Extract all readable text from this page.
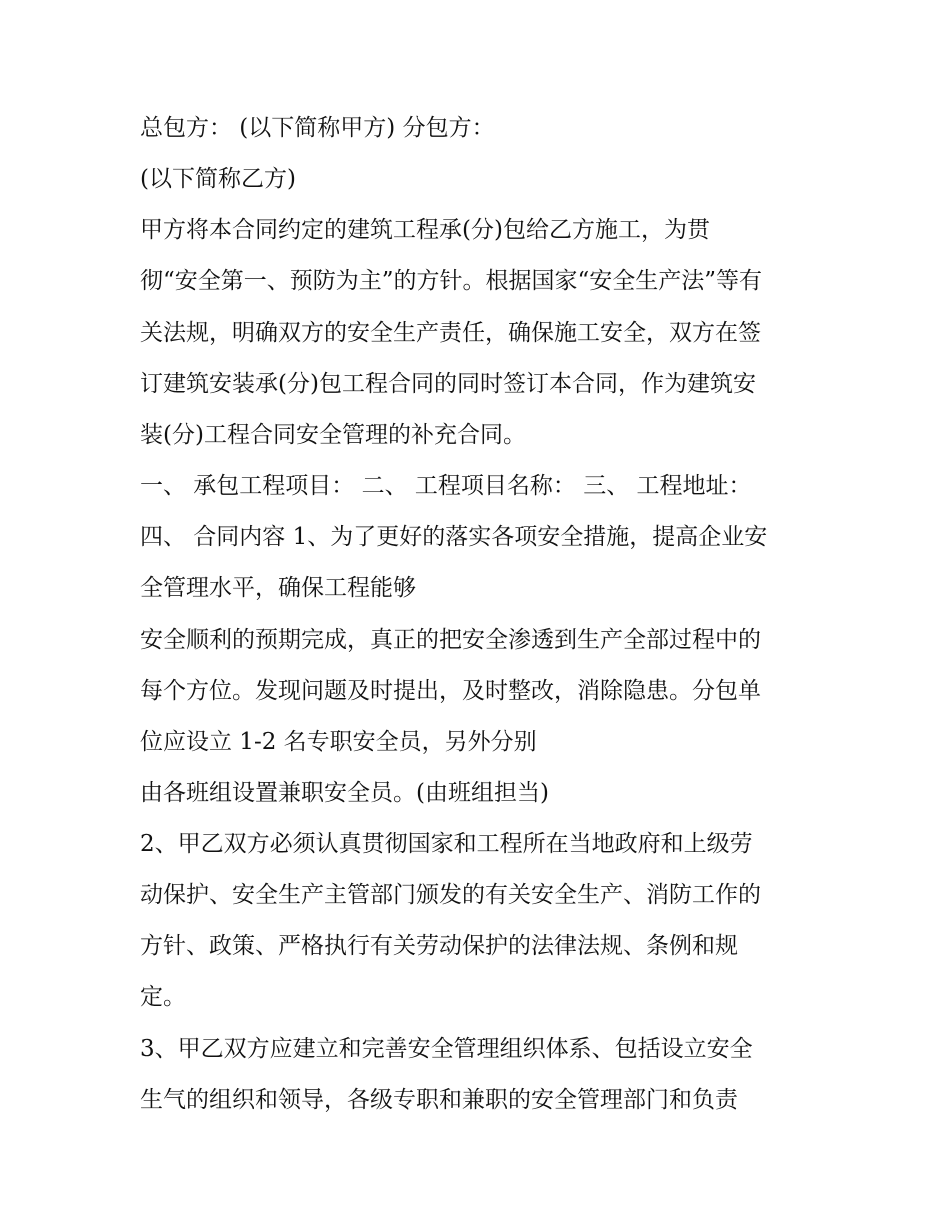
总包方： (以下简称甲方) 分包方：

(以下简称乙方)

甲方将本合同约定的建筑工程承(分)包给乙方施工，为贯

彻“安全第一、预防为主”的方针。根据国家“安全生产法”等有

关法规，明确双方的安全生产责任，确保施工安全，双方在签

订建筑安装承(分)包工程合同的同时签订本合同，作为建筑安

装(分)工程合同安全管理的补充合同。

一、 承包工程项目： 二、 工程项目名称： 三、 工程地址：

四、 合同内容 1、为了更好的落实各项安全措施，提高企业安

全管理水平，确保工程能够

安全顺利的预期完成，真正的把安全渗透到生产全部过程中的

每个方位。发现问题及时提出，及时整改，消除隐患。分包单

位应设立 1-2 名专职安全员，另外分别

由各班组设置兼职安全员。(由班组担当)

2、甲乙双方必须认真贯彻国家和工程所在当地政府和上级劳

动保护、安全生产主管部门颁发的有关安全生产、消防工作的

方针、政策、严格执行有关劳动保护的法律法规、条例和规

定。

3、甲乙双方应建立和完善安全管理组织体系、包括设立安全

生气的组织和领导，各级专职和兼职的安全管理部门和负责
